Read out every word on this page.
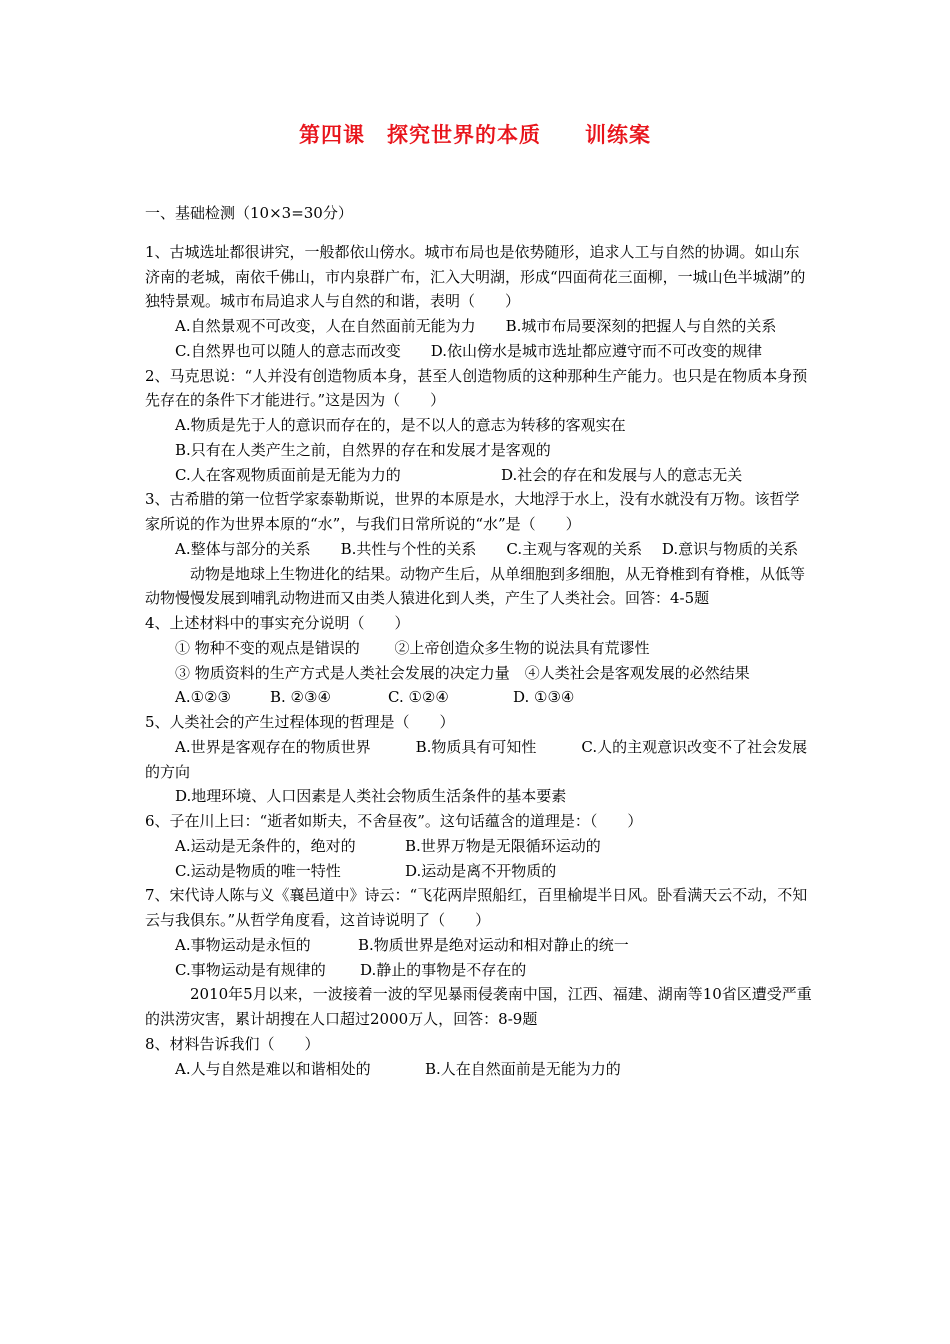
第四课　探究世界的本质　　训练案

一、基础检测（10×3=30分）

1、古城选址都很讲究，一般都依山傍水。城市布局也是依势随形，追求人工与自然的协调。如山东济南的老城，南依千佛山，市内泉群广布，汇入大明湖，形成“四面荷花三面柳，一城山色半城湖”的独特景观。城市布局追求人与自然的和谐，表明（　　）

A.自然景观不可改变，人在自然面前无能为力　　B.城市布局要深刻的把握人与自然的关系

C.自然界也可以随人的意志而改变　　D.依山傍水是城市选址都应遵守而不可改变的规律

2、马克思说：“人并没有创造物质本身，甚至人创造物质的这种那种生产能力。也只是在物质本身预先存在的条件下才能进行。”这是因为（　　）

A.物质是先于人的意识而存在的，是不以人的意志为转移的客观实在

B.只有在人类产生之前，自然界的存在和发展才是客观的

C.人在客观物质面前是无能为力的	D.社会的存在和发展与人的意志无关

3、古希腊的第一位哲学家泰勒斯说，世界的本原是水，大地浮于水上，没有水就没有万物。该哲学家所说的作为世界本原的“水”，与我们日常所说的“水”是（　　）

A.整体与部分的关系　　B.共性与个性的关系　　C.主观与客观的关系　 D.意识与物质的关系

动物是地球上生物进化的结果。动物产生后，从单细胞到多细胞，从无脊椎到有脊椎，从低等动物慢慢发展到哺乳动物进而又由类人猿进化到人类，产生了人类社会。回答：4-5题

4、上述材料中的事实充分说明（　　）

① 物种不变的观点是错误的　　 ②上帝创造众多生物的说法具有荒谬性

③ 物质资料的生产方式是人类社会发展的决定力量　④人类社会是客观发展的必然结果

A.①②③	B. ②③④	C. ①②④	D. ①③④

5、人类社会的产生过程体现的哲理是（　　）

A.世界是客观存在的物质世界　　　B.物质具有可知性　　　C.人的主观意识改变不了社会发展的方向

D.地理环境、人口因素是人类社会物质生活条件的基本要素

6、子在川上曰：“逝者如斯夫，不舍昼夜”。这句话蕴含的道理是：（　　）

A.运动是无条件的，绝对的	B.世界万物是无限循环运动的
C.运动是物质的唯一特性	D.运动是离不开物质的

7、宋代诗人陈与义《襄邑道中》诗云：“飞花两岸照船红，百里榆堤半日风。卧看满天云不动，不知云与我俱东。”从哲学角度看，这首诗说明了（　　）

A.事物运动是永恒的	B.物质世界是绝对运动和相对静止的统一
C.事物运动是有规律的	D.静止的事物是不存在的

2010年5月以来，一波接着一波的罕见暴雨侵袭南中国，江西、福建、湖南等10省区遭受严重的洪涝灾害，累计胡搜在人口超过2000万人，回答：8-9题

8、材料告诉我们（　　）

A.人与自然是难以和谐相处的	B.人在自然面前是无能为力的
